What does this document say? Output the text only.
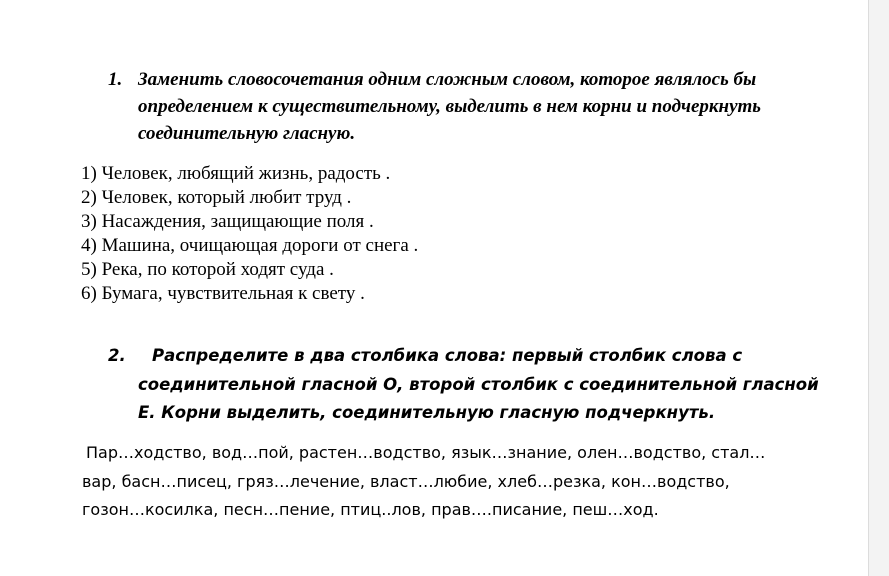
1. Заменить словосочетания одним сложным словом, которое являлось бы определением к существительному, выделить в нем корни и подчеркнуть соединительную гласную.
1) Человек, любящий жизнь, радость .
2) Человек, который любит труд .
3) Насаждения, защищающие поля .
4) Машина, очищающая дороги от снега .
5) Река, по которой ходят суда .
6) Бумага, чувствительная к свету .
2.	Распределите в два столбика слова: первый столбик слова с соединительной гласной О, второй столбик с соединительной гласной Е. Корни выделить, соединительную гласную подчеркнуть.

Пар…ходство, вод…пой, растен…водство, язык…знание, олен…водство, стал…вар, басн…писец, гряз…лечение, власт…любие, хлеб…резка, кон…водство, гозон…косилка, песн…пение, птиц..лов, прав….писание, пеш…ход.
